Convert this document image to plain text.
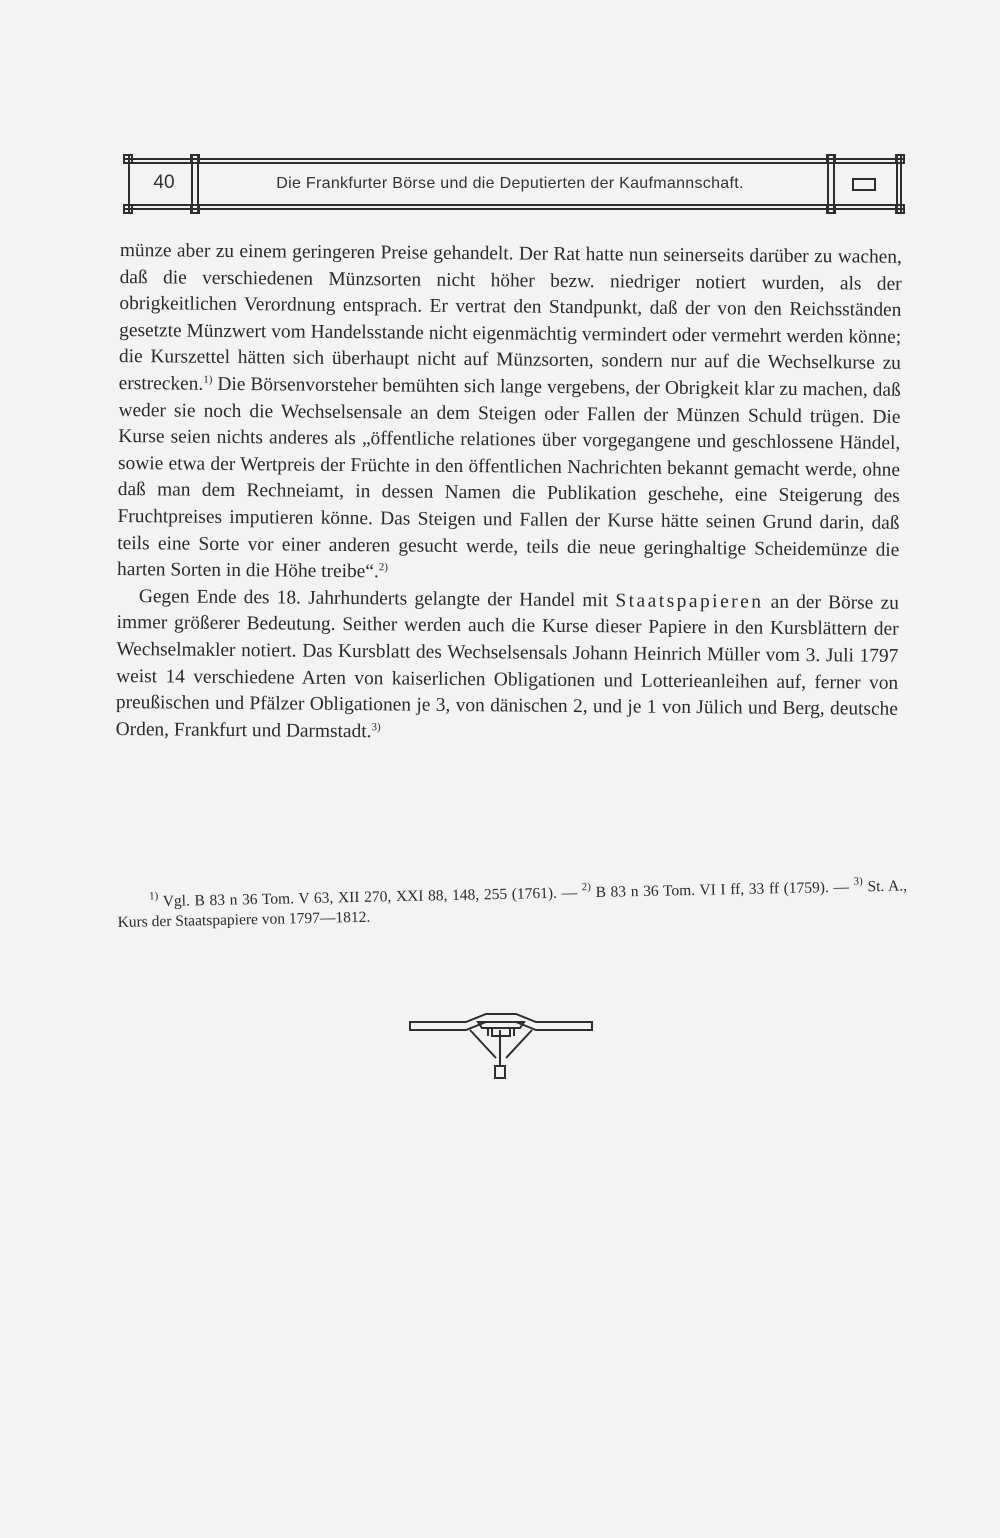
40	Die Frankfurter Börse und die Deputierten der Kaufmannschaft.

münze aber zu einem geringeren Preise gehandelt. Der Rat hatte nun seinerseits darüber zu wachen, daß die verschiedenen Münzsorten nicht höher bezw. niedriger notiert wurden, als der obrigkeitlichen Verordnung entsprach. Er vertrat den Standpunkt, daß der von den Reichsständen gesetzte Münzwert vom Handelsstande nicht eigenmächtig vermindert oder vermehrt werden könne; die Kurszettel hätten sich überhaupt nicht auf Münzsorten, sondern nur auf die Wechselkurse zu erstrecken.$^{1)}$ Die Börsenvorsteher bemühten sich lange vergebens, der Obrigkeit klar zu machen, daß weder sie noch die Wechselsensale an dem Steigen oder Fallen der Münzen Schuld trügen. Die Kurse seien nichts anderes als „öffentliche relationes über vorgegangene und geschlossene Händel, sowie etwa der Wertpreis der Früchte in den öffentlichen Nachrichten bekannt gemacht werde, ohne daß man dem Rechneiamt, in dessen Namen die Publikation geschehe, eine Steigerung des Fruchtpreises imputieren könne. Das Steigen und Fallen der Kurse hätte seinen Grund darin, daß teils eine Sorte vor einer anderen gesucht werde, teils die neue geringhaltige Scheidemünze die harten Sorten in die Höhe treibe“.$^{2)}$

Gegen Ende des 18. Jahrhunderts gelangte der Handel mit Staatspapieren an der Börse zu immer größerer Bedeutung. Seither werden auch die Kurse dieser Papiere in den Kursblättern der Wechselmakler notiert. Das Kursblatt des Wechselsensals Johann Heinrich Müller vom 3. Juli 1797 weist 14 verschiedene Arten von kaiserlichen Obligationen und Lotterieanleihen auf, ferner von preußischen und Pfälzer Obligationen je 3, von dänischen 2, und je 1 von Jülich und Berg, deutsche Orden, Frankfurt und Darmstadt.$^{3)}$

$^{1)}$ Vgl. B 83 n 36 Tom. V 63, XII 270, XXI 88, 148, 255 (1761). — $^{2)}$ B 83 n 36 Tom. VI I ff, 33 ff (1759). — $^{3)}$ St. A., Kurs der Staatspapiere von 1797—1812.
